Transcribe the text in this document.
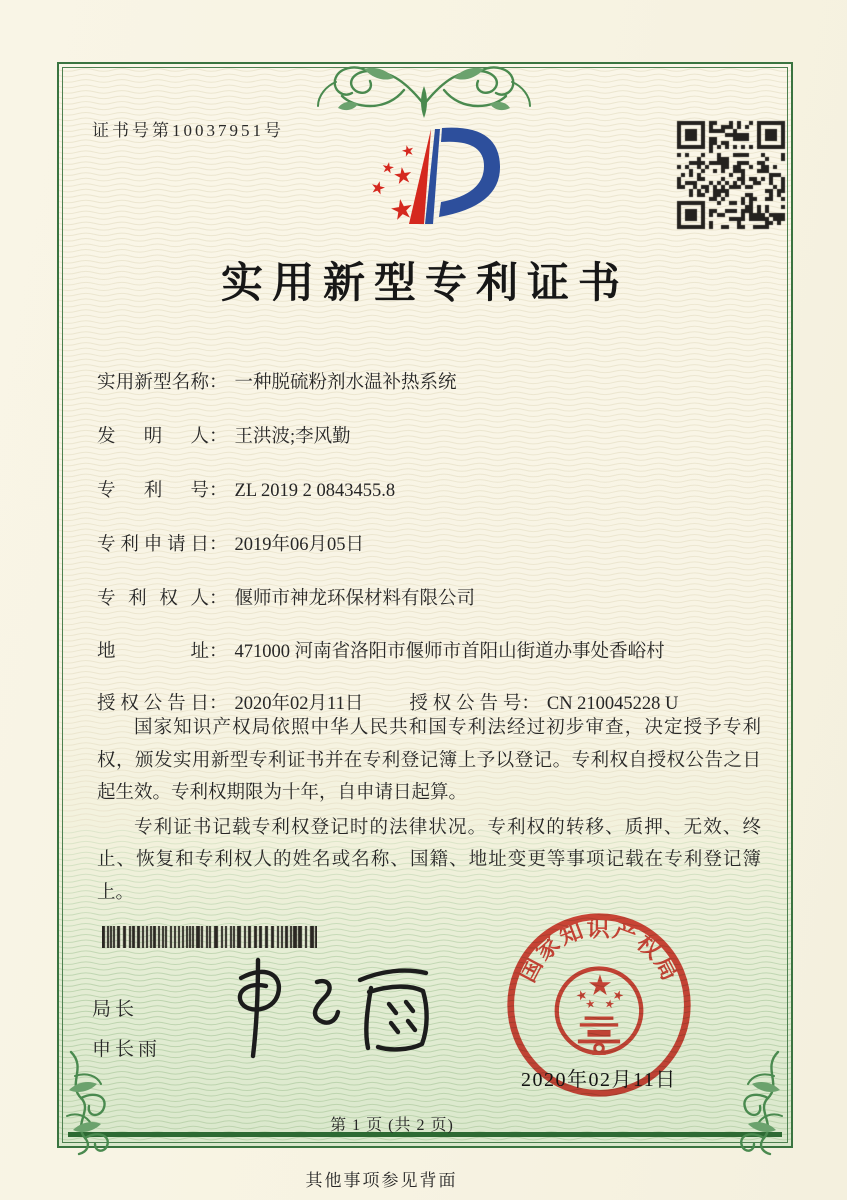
证书号第10037951号
实用新型专利证书
实用新型名称 ： 一种脱硫粉剂水温补热系统
发明人 ： 王洪波;李风勤
专利号 ： ZL 2019 2 0843455.8
专利申请日 ： 2019年06月05日
专利权人 ： 偃师市神龙环保材料有限公司
地址 ： 471000 河南省洛阳市偃师市首阳山街道办事处香峪村
授权公告日 ： 2020年02月11日 授权公告号 ： CN 210045228 U

国家知识产权局依照中华人民共和国专利法经过初步审查，决定授予专利权，颁发实用新型专利证书并在专利登记簿上予以登记。专利权自授权公告之日起生效。专利权期限为十年，自申请日起算。

专利证书记载专利权登记时的法律状况。专利权的转移、质押、无效、终止、恢复和专利权人的姓名或名称、国籍、地址变更等事项记载在专利登记簿上。

局长
申长雨
国家知识产权局
2020年02月11日
第 1 页 (共 2 页)
其他事项参见背面
